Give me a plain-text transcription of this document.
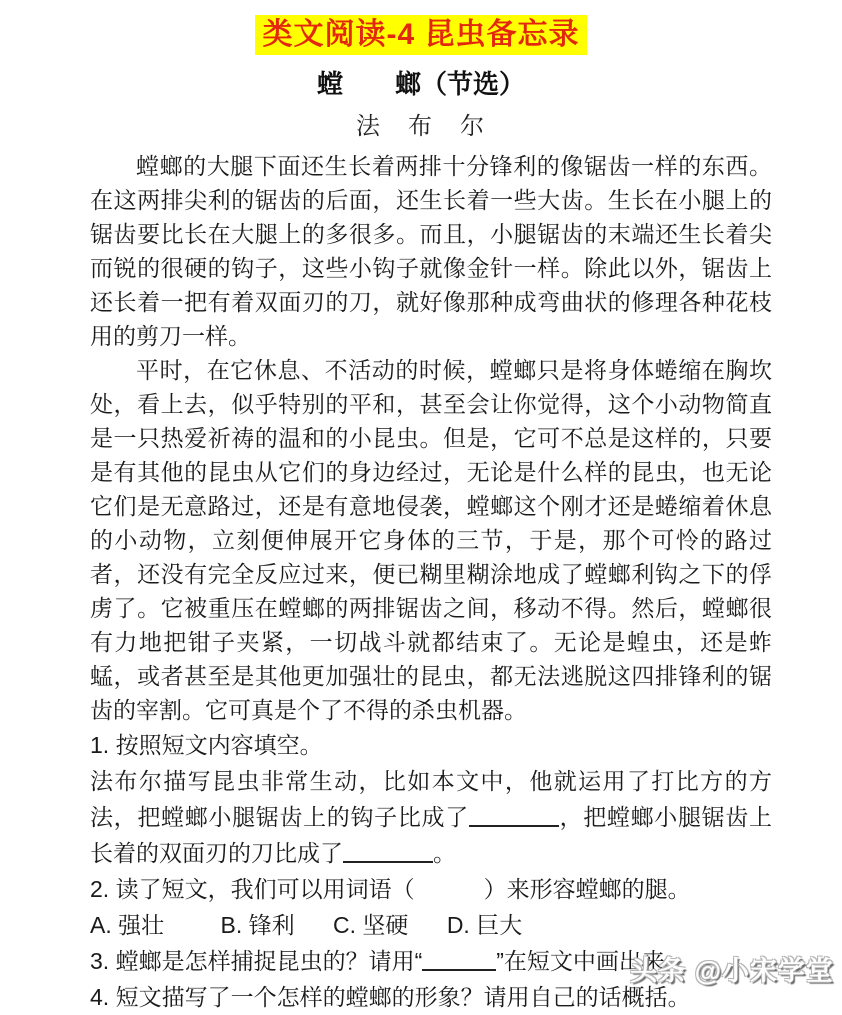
类文阅读-4 昆虫备忘录
螳　　螂（节选）
法　布　尔

螳螂的大腿下面还生长着两排十分锋利的像锯齿一样的东西。在这两排尖利的锯齿的后面，还生长着一些大齿。生长在小腿上的锯齿要比长在大腿上的多很多。而且，小腿锯齿的末端还生长着尖而锐的很硬的钩子，这些小钩子就像金针一样。除此以外，锯齿上还长着一把有着双面刃的刀，就好像那种成弯曲状的修理各种花枝用的剪刀一样。

平时，在它休息、不活动的时候，螳螂只是将身体蜷缩在胸坎处，看上去，似乎特别的平和，甚至会让你觉得，这个小动物简直是一只热爱祈祷的温和的小昆虫。但是，它可不总是这样的，只要是有其他的昆虫从它们的身边经过，无论是什么样的昆虫，也无论它们是无意路过，还是有意地侵袭，螳螂这个刚才还是蜷缩着休息的小动物，立刻便伸展开它身体的三节，于是，那个可怜的路过者，还没有完全反应过来，便已糊里糊涂地成了螳螂利钩之下的俘虏了。它被重压在螳螂的两排锯齿之间，移动不得。然后，螳螂很有力地把钳子夹紧，一切战斗就都结束了。无论是蝗虫，还是蚱蜢，或者甚至是其他更加强壮的昆虫，都无法逃脱这四排锋利的锯齿的宰割。它可真是个了不得的杀虫机器。

1. 按照短文内容填空。
法布尔描写昆虫非常生动，比如本文中，他就运用了打比方的方法，把螳螂小腿锯齿上的钩子比成了	，把螳螂小腿锯齿上长着的双面刃的刀比成了	。
2. 读了短文，我们可以用词语（　　　）来形容螳螂的腿。
A. 强壮 B. 锋利 C. 坚硬 D. 巨大
3. 螳螂是怎样捕捉昆虫的？请用“	”在短文中画出来。
4. 短文描写了一个怎样的螳螂的形象？请用自己的话概括。
头条 @小宋学堂
